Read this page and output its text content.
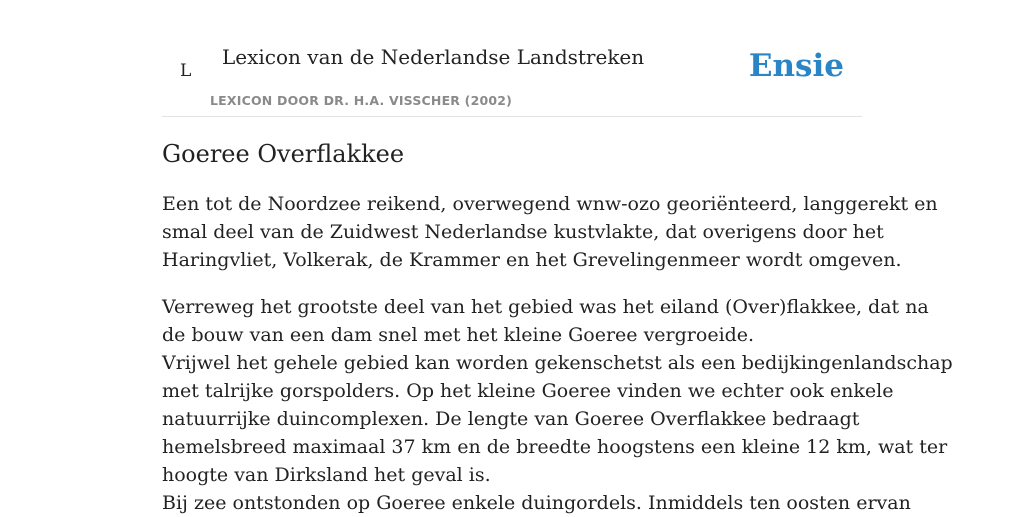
L
Lexicon van de Nederlandse Landstreken
LEXICON DOOR DR. H.A. VISSCHER (2002)
Ensie
Goeree Overflakkee

Een tot de Noordzee reikend, overwegend wnw-ozo georiënteerd, langgerekt en
smal deel van de Zuidwest Nederlandse kustvlakte, dat overigens door het
Haringvliet, Volkerak, de Krammer en het Grevelingenmeer wordt omgeven.

Verreweg het grootste deel van het gebied was het eiland (Over)flakkee, dat na
de bouw van een dam snel met het kleine Goeree vergroeide.
Vrijwel het gehele gebied kan worden gekenschetst als een bedijkingenlandschap
met talrijke gorspolders. Op het kleine Goeree vinden we echter ook enkele
natuurrijke duincomplexen. De lengte van Goeree Overflakkee bedraagt
hemelsbreed maximaal 37 km en de breedte hoogstens een kleine 12 km, wat ter
hoogte van Dirksland het geval is.
Bij zee ontstonden op Goeree enkele duingordels. Inmiddels ten oosten ervan
